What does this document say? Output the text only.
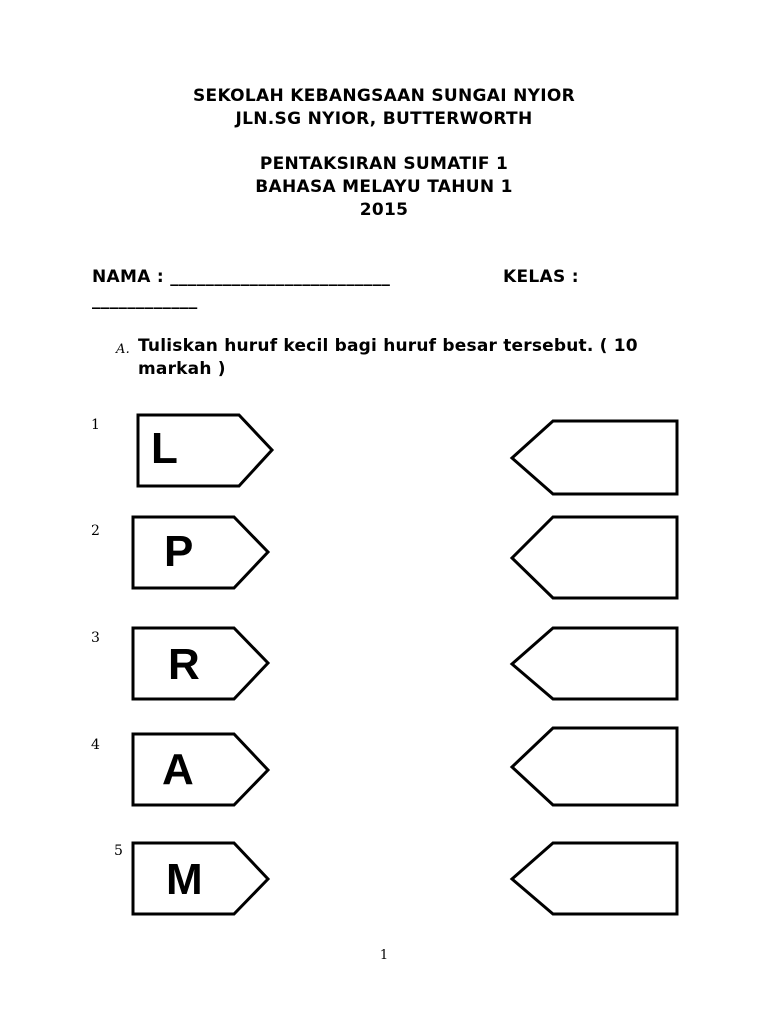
SEKOLAH KEBANGSAAN SUNGAI NYIOR
JLN.SG NYIOR, BUTTERWORTH
PENTAKSIRAN SUMATIF 1
BAHASA MELAYU TAHUN 1
2015
NAMA : _________________________	KELAS :
____________
A. Tuliskan huruf kecil bagi huruf besar tersebut. ( 10
markah )
1
2
3
4
5
L
P
R
A
M
1
